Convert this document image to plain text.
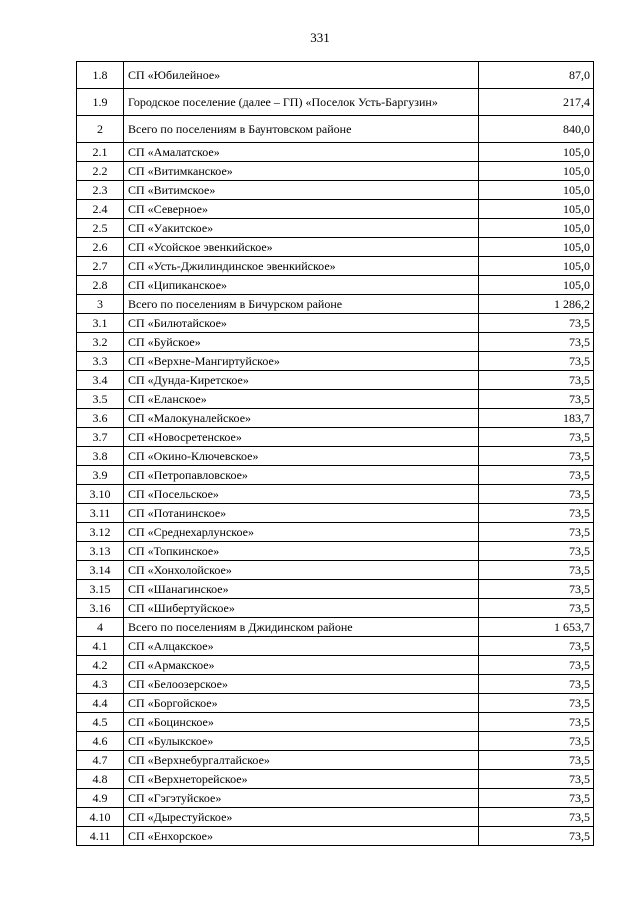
331
1.8	СП «Юбилейное»	87,0
1.9	Городское поселение (далее – ГП) «Поселок Усть-Баргузин»	217,4
2	Всего по поселениям в Баунтовском районе	840,0
2.1	СП «Амалатское»	105,0
2.2	СП «Витимканское»	105,0
2.3	СП «Витимское»	105,0
2.4	СП «Северное»	105,0
2.5	СП «Уакитское»	105,0
2.6	СП «Усойское эвенкийское»	105,0
2.7	СП «Усть-Джилиндинское эвенкийское»	105,0
2.8	СП «Ципиканское»	105,0
3	Всего по поселениям в Бичурском районе	1 286,2
3.1	СП «Билютайское»	73,5
3.2	СП «Буйское»	73,5
3.3	СП «Верхне-Мангиртуйское»	73,5
3.4	СП «Дунда-Киретское»	73,5
3.5	СП «Еланское»	73,5
3.6	СП «Малокуналейское»	183,7
3.7	СП «Новосретенское»	73,5
3.8	СП «Окино-Ключевское»	73,5
3.9	СП «Петропавловское»	73,5
3.10	СП «Посельское»	73,5
3.11	СП «Потанинское»	73,5
3.12	СП «Среднехарлунское»	73,5
3.13	СП «Топкинское»	73,5
3.14	СП «Хонхолойское»	73,5
3.15	СП «Шанагинское»	73,5
3.16	СП «Шибертуйское»	73,5
4	Всего по поселениям в Джидинском районе	1 653,7
4.1	СП «Алцакское»	73,5
4.2	СП «Армакское»	73,5
4.3	СП «Белоозерское»	73,5
4.4	СП «Боргойское»	73,5
4.5	СП «Боцинское»	73,5
4.6	СП «Булыкское»	73,5
4.7	СП «Верхнебургалтайское»	73,5
4.8	СП «Верхнеторейское»	73,5
4.9	СП «Гэгэтуйское»	73,5
4.10	СП «Дырестуйское»	73,5
4.11	СП «Енхорское»	73,5
